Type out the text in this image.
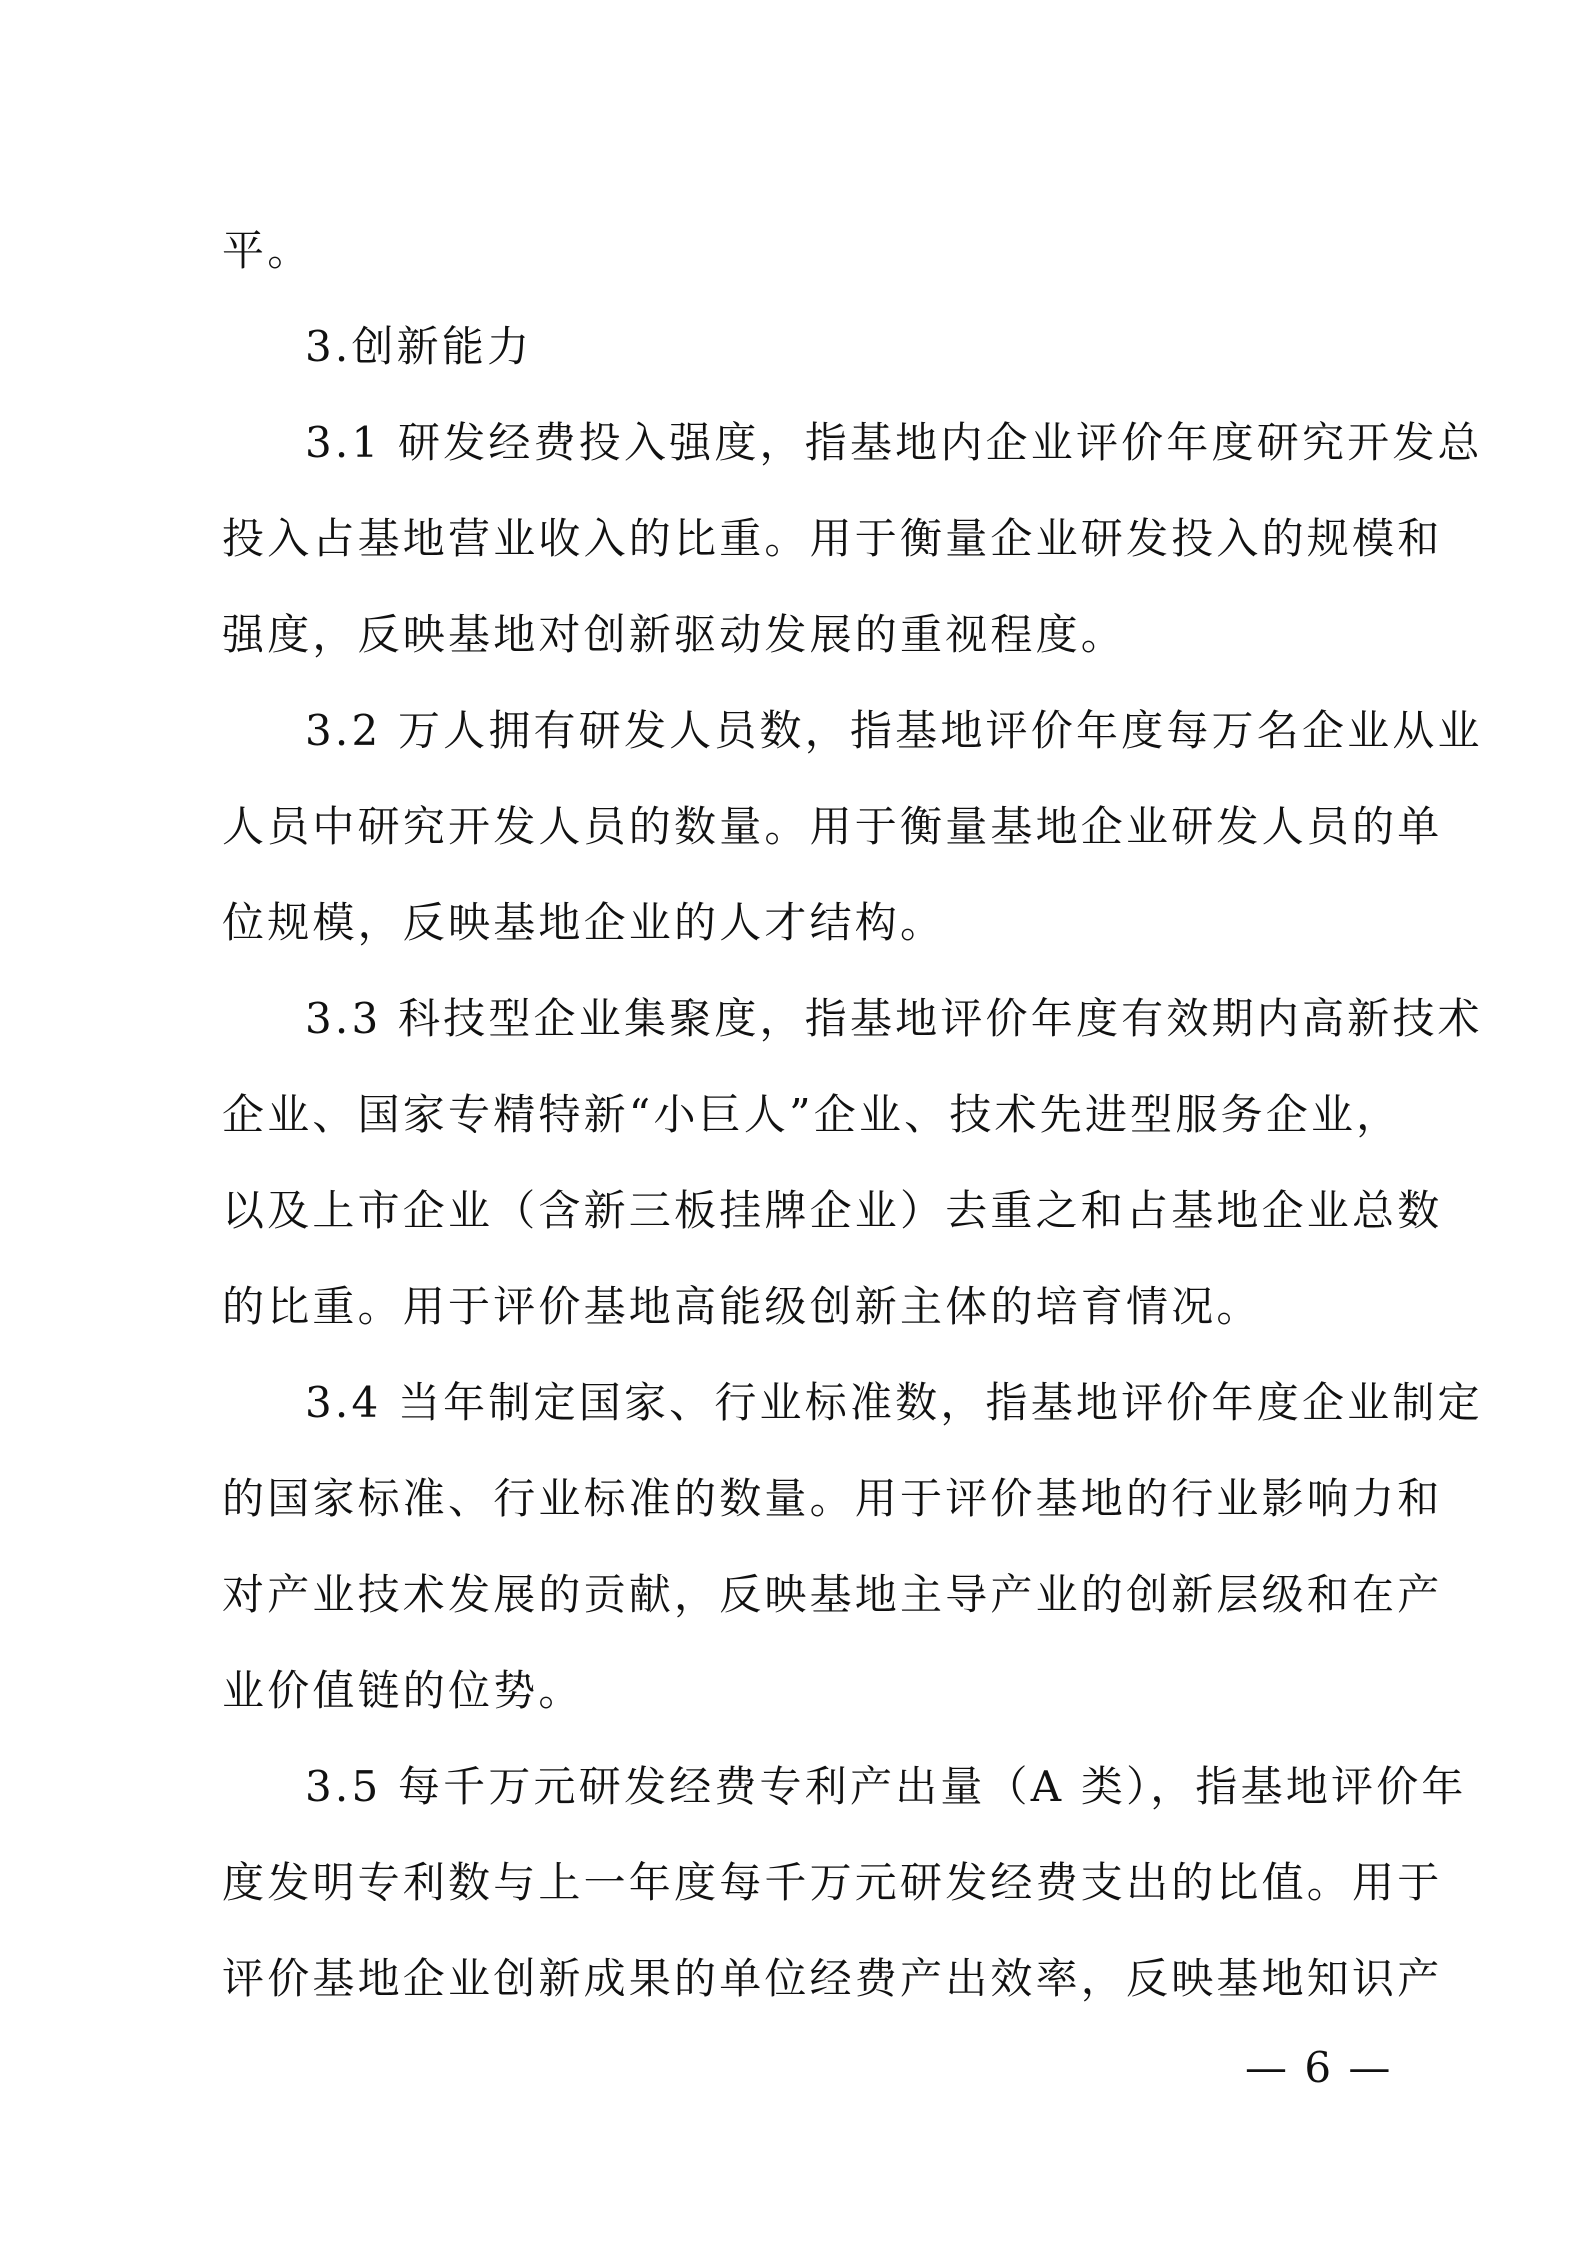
平。
3.创新能力
3.1 研发经费投入强度，指基地内企业评价年度研究开发总
投入占基地营业收入的比重。用于衡量企业研发投入的规模和
强度，反映基地对创新驱动发展的重视程度。
3.2 万人拥有研发人员数，指基地评价年度每万名企业从业
人员中研究开发人员的数量。用于衡量基地企业研发人员的单
位规模，反映基地企业的人才结构。
3.3 科技型企业集聚度，指基地评价年度有效期内高新技术
企业、国家专精特新“小巨人”企业、技术先进型服务企业，
以及上市企业（含新三板挂牌企业）去重之和占基地企业总数
的比重。用于评价基地高能级创新主体的培育情况。
3.4 当年制定国家、行业标准数，指基地评价年度企业制定
的国家标准、行业标准的数量。用于评价基地的行业影响力和
对产业技术发展的贡献，反映基地主导产业的创新层级和在产
业价值链的位势。
3.5 每千万元研发经费专利产出量（A 类），指基地评价年
度发明专利数与上一年度每千万元研发经费支出的比值。用于
评价基地企业创新成果的单位经费产出效率，反映基地知识产
— 6 —
